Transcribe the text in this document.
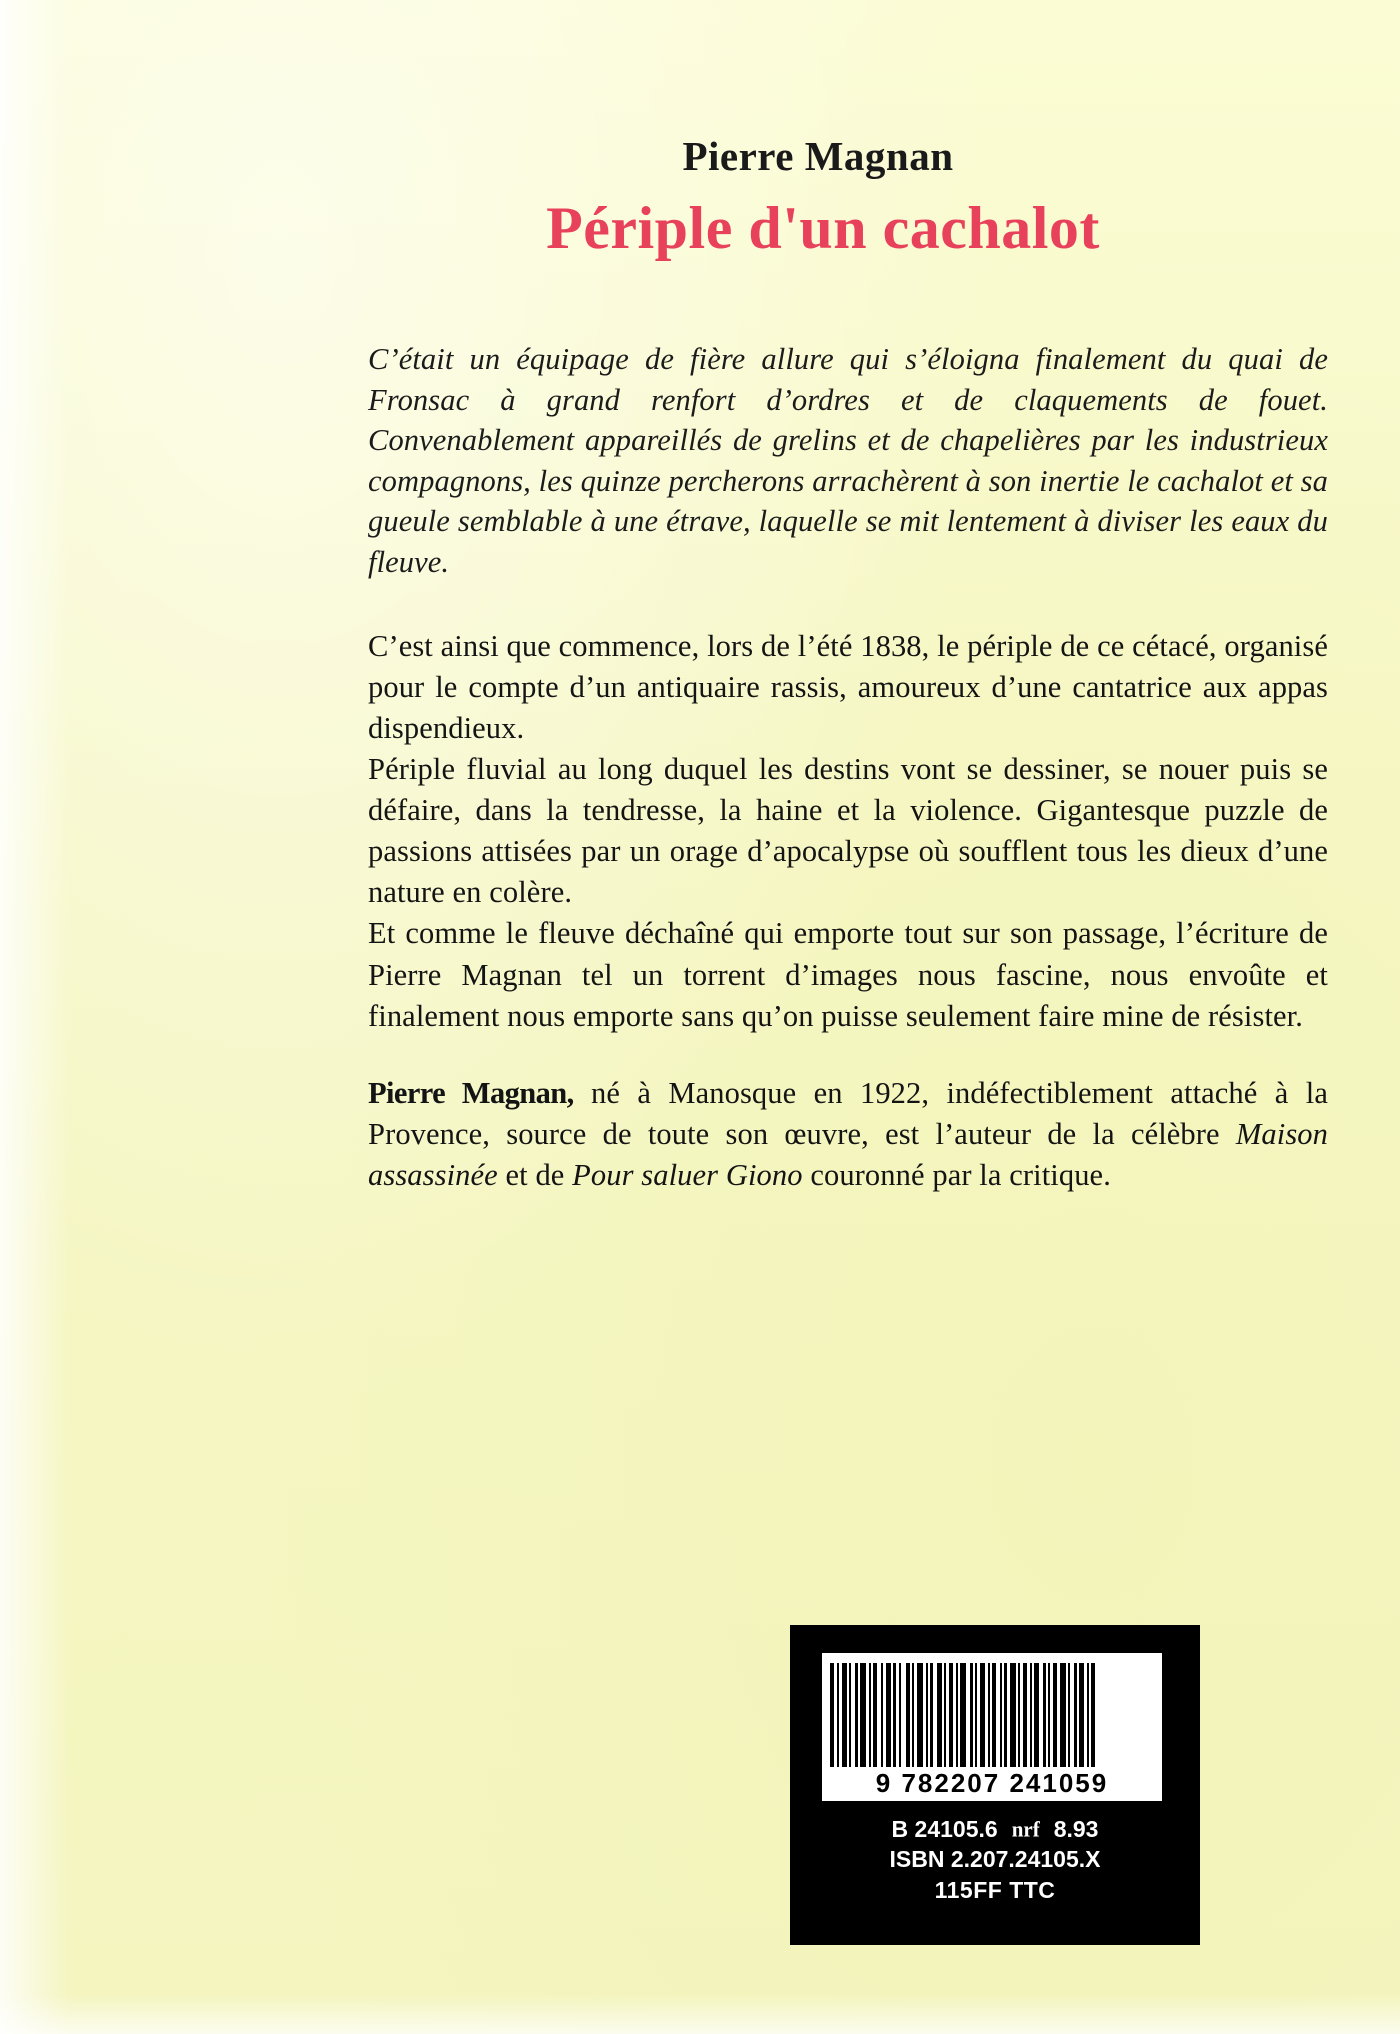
Pierre Magnan
Périple d'un cachalot
C’était un équipage de fière allure qui s’éloigna finalement du quai de Fronsac à grand renfort d’ordres et de claquements de fouet. Convenablement appareillés de grelins et de chapelières par les industrieux compagnons, les quinze percherons arrachèrent à son inertie le cachalot et sa gueule semblable à une étrave, laquelle se mit lentement à diviser les eaux du fleuve.

C’est ainsi que commence, lors de l’été 1838, le périple de ce cétacé, organisé pour le compte d’un antiquaire rassis, amoureux d’une cantatrice aux appas dispendieux.

Périple fluvial au long duquel les destins vont se dessiner, se nouer puis se défaire, dans la tendresse, la haine et la violence. Gigantesque puzzle de passions attisées par un orage d’apocalypse où soufflent tous les dieux d’une nature en colère.

Et comme le fleuve déchaîné qui emporte tout sur son passage, l’écriture de Pierre Magnan tel un torrent d’images nous fascine, nous envoûte et finalement nous emporte sans qu’on puisse seulement faire mine de résister.

Pierre Magnan, né à Manosque en 1922, indéfectiblement attaché à la Provence, source de toute son œuvre, est l’auteur de la célèbre Maison assassinée et de Pour saluer Giono couronné par la critique.
9 782207 241059
B 24105.6 nrf 8.93
ISBN 2.207.24105.X
115FF TTC
